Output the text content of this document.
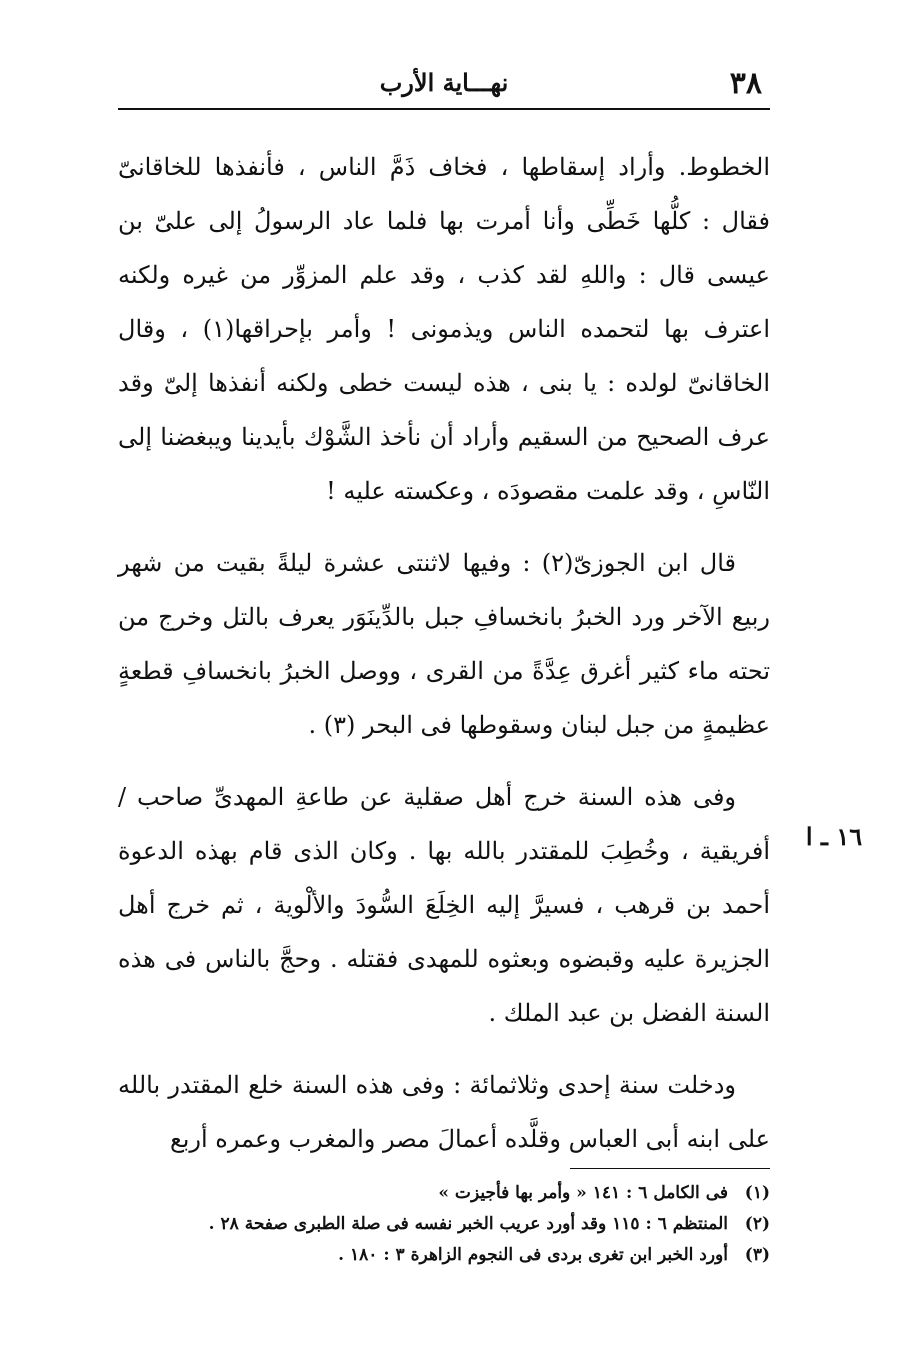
٣٨
نهـــاية الأرب

الخطوط. وأراد إسقاطها ، فخاف ذَمَّ الناس ، فأنفذها للخاقانىّ فقال : كلُّها خَطِّى وأنا أمرت بها فلما عاد الرسولُ إلى علىّ بن عيسى قال : واللهِ لقد كذب ، وقد علم المزوِّر من غيره ولكنه اعترف بها لتحمده الناس ويذمونى ! وأمر بإحراقها(١) ، وقال الخاقانىّ لولده : يا بنى ، هذه ليست خطى ولكنه أنفذها إلىّ وقد عرف الصحيح من السقيم وأراد أن نأخذ الشَّوْك بأيدينا ويبغضنا إلى النّاسِ ، وقد علمت مقصودَه ، وعكسته عليه !

قال ابن الجوزىّ(٢) : وفيها لاثنتى عشرة ليلةً بقيت من شهر ربيع الآخر ورد الخبرُ بانخسافِ جبل بالدِّينَوَر يعرف بالتل وخرج من تحته ماء كثير أغرق عِدَّةً من القرى ، ووصل الخبرُ بانخسافِ قطعةٍ عظيمةٍ من جبل لبنان وسقوطها فى البحر (٣) .

وفى هذه السنة خرج أهل صقلية عن طاعةِ المهدىِّ صاحب / أفريقية ، وخُطِبَ للمقتدر بالله بها . وكان الذى قام بهذه الدعوة أحمد بن قرهب ، فسيرَّ إليه الخِلَعَ السُّودَ والألْوية ، ثم خرج أهل الجزيرة عليه وقبضوه وبعثوه للمهدى فقتله . وحجَّ بالناس فى هذه السنة الفضل بن عبد الملك .

ودخلت سنة إحدى وثلاثمائة : وفى هذه السنة خلع المقتدر بالله على ابنه أبى العباس وقلَّده أعمالَ مصر والمغرب وعمره أربع

١٦ ـ ا
(١)
فى الكامل ٦ : ١٤١ « وأمر بها فأجيزت »
(٢)
المنتظم ٦ : ١١٥ وقد أورد عريب الخبر نفسه فى صلة الطبرى صفحة ٢٨ .
(٣)
أورد الخبر ابن تغرى بردى فى النجوم الزاهرة ٣ : ١٨٠ .
